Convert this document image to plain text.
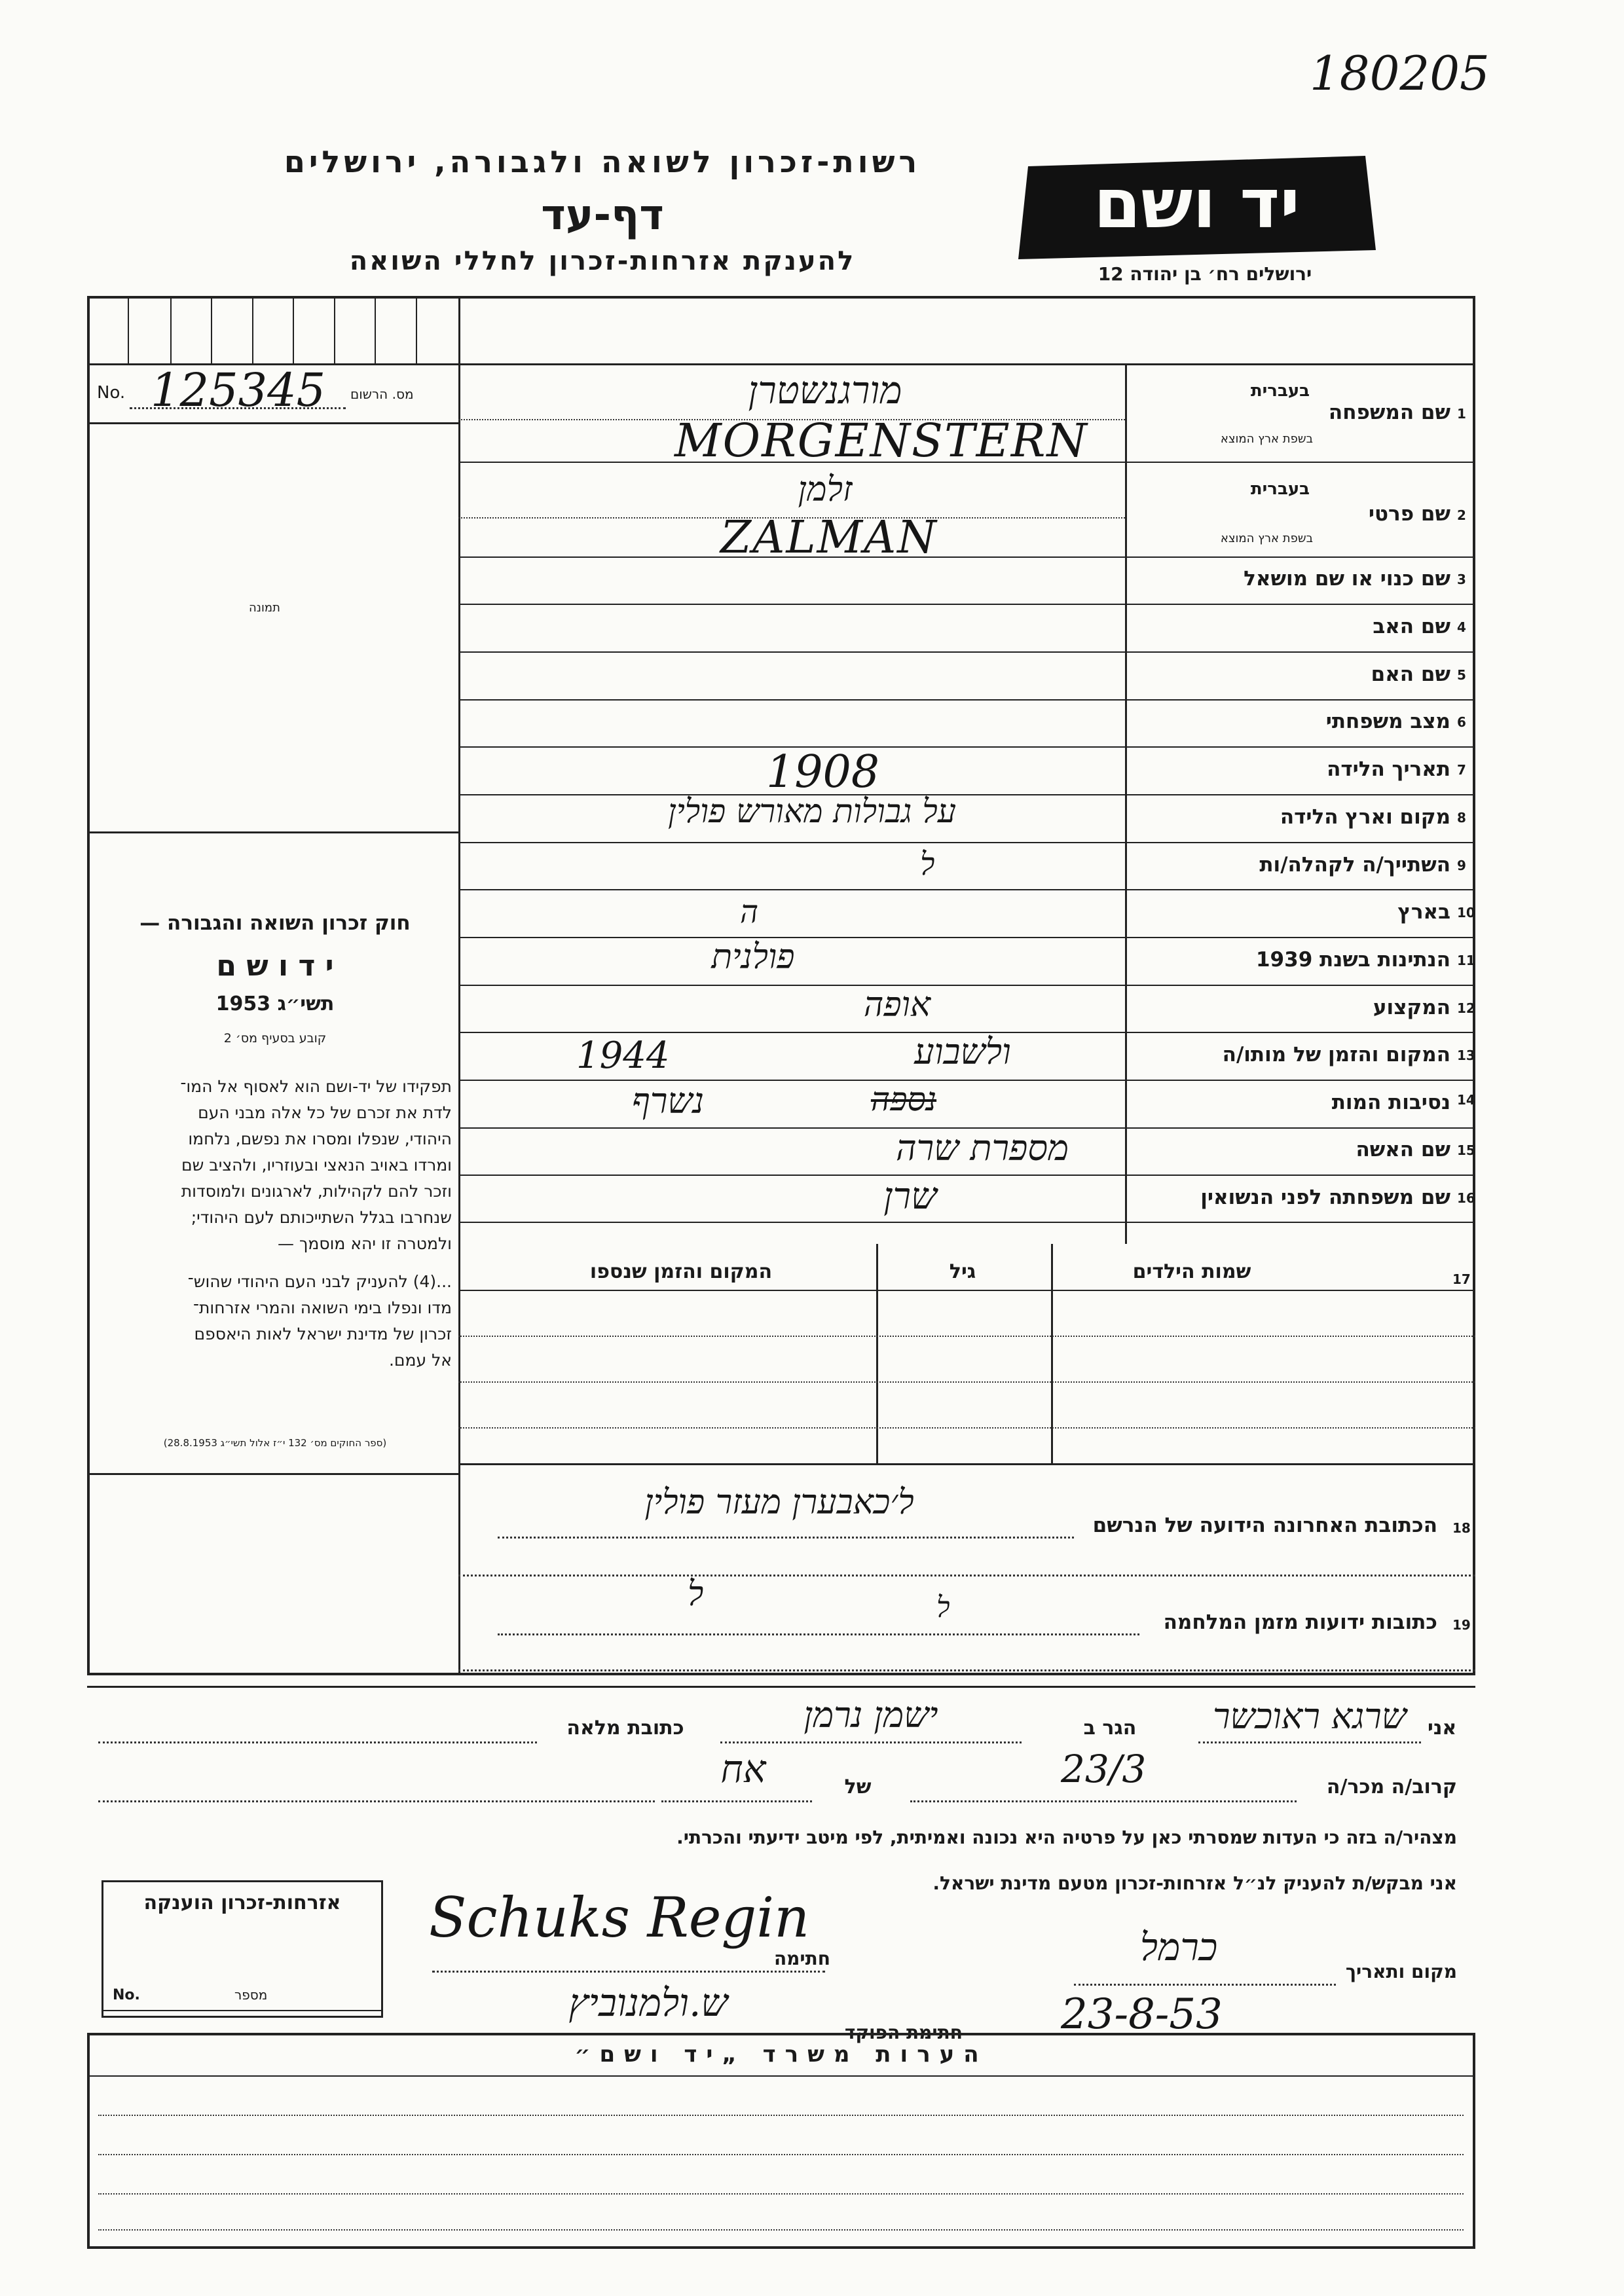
180205
רשות-זכרון לשואה ולגבורה, ירושלים
דף-עד
להענקת אזרחות-זכרון לחללי השואה
יד ושם
ירושלים רח׳ בן יהודה 12
No. 125345 מס. הרשום
תמונה
חוק זכרון השואה והגבורה —
י ד ו ש ם
תשי״ג 1953
קובע בסעיף מס׳ 2

תפקידו של יד-ושם הוא לאסוף אל המו־

לדת את זכרם של כל אלה מבני העם

היהודי, שנפלו ומסרו את נפשם, נלחמו

ומרדו באויב הנאצי ובעוזריו, ולהציב שם

וזכר להם לקהילות, לארגונים ולמוסדות

שנחרבו בגלל השתייכותם לעם היהודי;

ולמטרה זו יהא מוסמך —

...(4) להעניק לבני העם היהודי שהוש־

מדו ונפלו בימי השואה והמרי אזרחות־

זכרון של מדינת ישראל לאות היאספם

אל עמם.

(ספר החוקים מס׳ 132 י״ז אלול תשי״ג 28.8.1953)
1
שם המשפחה
בעברית
בשפת ארץ המוצא
מורגנשטרן
MORGENSTERN
2
שם פרטי
בעברית
בשפת ארץ המוצא
זלמן
ZALMAN
3
שם כנוי או שם מושאל
4
שם האב
5
שם האם
6
מצב משפחתי
7
תאריך הלידה
1908
8
מקום וארץ הלידה
על גבולות מאורש פולין
9
השתייך/ה לקהלה/ות
ל
10
בארץ
ה
11
הנתינות בשנת 1939
פולנית
12
המקצוע
אופה
13
המקום והזמן של מותו/ה
1944	ולשבוע
14
נסיבות המות
נשרף	נספה
15
שם האשה
מספרת שרה
16
שם משפחתה לפני הנשואין
שרן
17
שמות הילדים
גיל
המקום והזמן שנספו
18
הכתובת האחרונה הידועה של הנרשם
ל׳כאבערן מעזר פולין
19
כתובות ידועות מזמן המלחמה
ל	ל
אני
שרגא ראוכשר
הגר ב
ישמן נרמן
כתובת מלאה
קרוב/ה מכר/ה
23/3
של
אח
מצהיר/ה בזה כי העדות שמסרתי כאן על פרטיה היא נכונה ואמיתית, לפי מיטב ידיעתי והכרתי.
אני מבקש/ת להעניק לנ״ל אזרחות-זכרון מטעם מדינת ישראל.
Schuks Regin
חתימה
מקום ותאריך
כרמל
23-8-53
חתימת הפוקד
ש.ולמנוביץ
אזרחות-זכרון הוענקה
No.	מספר
הערות משרד „יד ושם״
